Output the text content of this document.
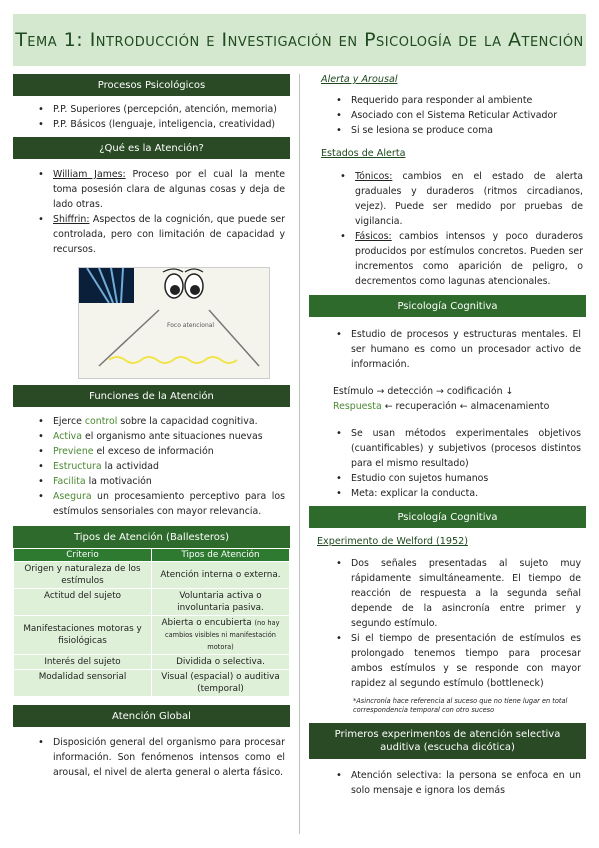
Tema 1: Introducción e Investigación en Psicología de la Atención
Procesos Psicológicos
• P.P. Superiores (percepción, atención, memoria)
• P.P. Básicos (lenguaje, inteligencia, creatividad)
¿Qué es la Atención?
• William James: Proceso por el cual la mente toma posesión clara de algunas cosas y deja de lado otras.
• Shiffrin: Aspectos de la cognición, que puede ser controlada, pero con limitación de capacidad y recursos.
Foco atencional
Funciones de la Atención
• Ejerce control sobre la capacidad cognitiva.
• Activa el organismo ante situaciones nuevas
• Previene el exceso de información
• Estructura la actividad
• Facilita la motivación
• Asegura un procesamiento perceptivo para los estímulos sensoriales con mayor relevancia.
Tipos de Atención (Ballesteros)
Criterio	Tipos de Atención
Origen y naturaleza de los estímulos	Atención interna o externa.
Actitud del sujeto	Voluntaria activa o involuntaria pasiva.
Manifestaciones motoras y fisiológicas	Abierta o encubierta (no hay cambios visibles ni manifestación motora)
Interés del sujeto	Dividida o selectiva.
Modalidad sensorial	Visual (espacial) o auditiva (temporal)
Atención Global
• Disposición general del organismo para procesar información. Son fenómenos intensos como el arousal, el nivel de alerta general o alerta fásico.
Alerta y Arousal
• Requerido para responder al ambiente
• Asociado con el Sistema Reticular Activador
• Si se lesiona se produce coma
Estados de Alerta
• Tónicos: cambios en el estado de alerta graduales y duraderos (ritmos circadianos, vejez). Puede ser medido por pruebas de vigilancia.
• Fásicos: cambios intensos y poco duraderos producidos por estímulos concretos. Pueden ser incrementos como aparición de peligro, o decrementos como lagunas atencionales.
Psicología Cognitiva
• Estudio de procesos y estructuras mentales. El ser humano es como un procesador activo de información.
Estímulo → detección → codificación ↓
Respuesta ← recuperación ← almacenamiento
• Se usan métodos experimentales objetivos (cuantificables) y subjetivos (procesos distintos para el mismo resultado)
• Estudio con sujetos humanos
• Meta: explicar la conducta.
Psicología Cognitiva
Experimento de Welford (1952)
• Dos señales presentadas al sujeto muy rápidamente simultáneamente. El tiempo de reacción de respuesta a la segunda señal depende de la asincronía entre primer y segundo estímulo.
• Si el tiempo de presentación de estímulos es prolongado tenemos tiempo para procesar ambos estímulos y se responde con mayor rapidez al segundo estímulo (bottleneck)
*Asincronía hace referencia al suceso que no tiene lugar en total correspondencia temporal con otro suceso
Primeros experimentos de atención selectiva auditiva (escucha dicótica)
• Atención selectiva: la persona se enfoca en un solo mensaje e ignora los demás
